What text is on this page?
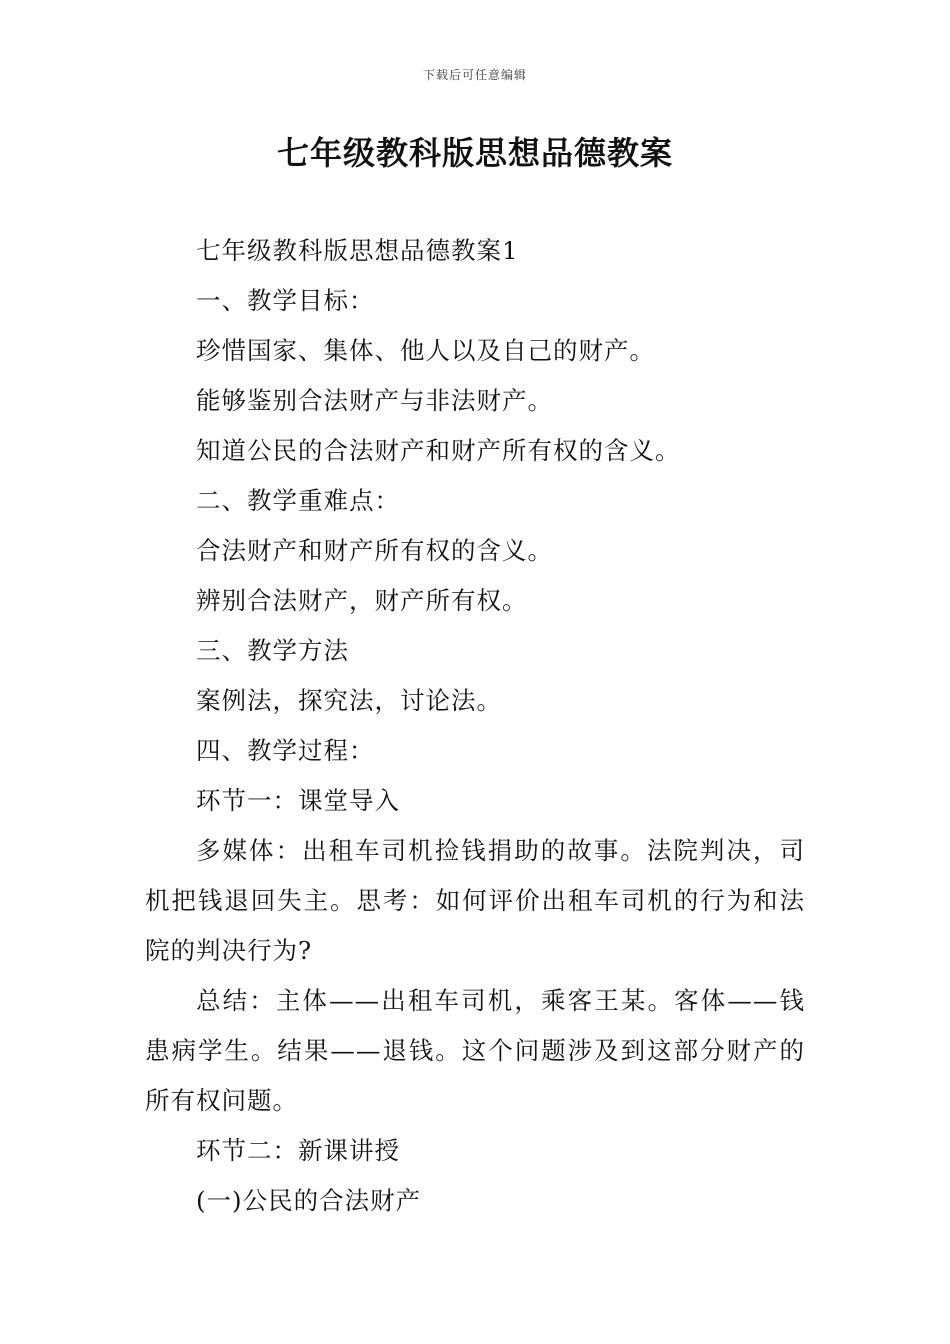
下载后可任意编辑
七年级教科版思想品德教案

七年级教科版思想品德教案1

一、教学目标：

珍惜国家、集体、他人以及自己的财产。

能够鉴别合法财产与非法财产。

知道公民的合法财产和财产所有权的含义。

二、教学重难点：

合法财产和财产所有权的含义。

辨别合法财产，财产所有权。

三、教学方法

案例法，探究法，讨论法。

四、教学过程：

环节一：课堂导入

多媒体：出租车司机捡钱捐助的故事。法院判决，司机把钱退回失主。思考：如何评价出租车司机的行为和法院的判决行为?

总结：主体——出租车司机，乘客王某。客体——钱患病学生。结果——退钱。这个问题涉及到这部分财产的所有权问题。

环节二：新课讲授

(一)公民的合法财产
